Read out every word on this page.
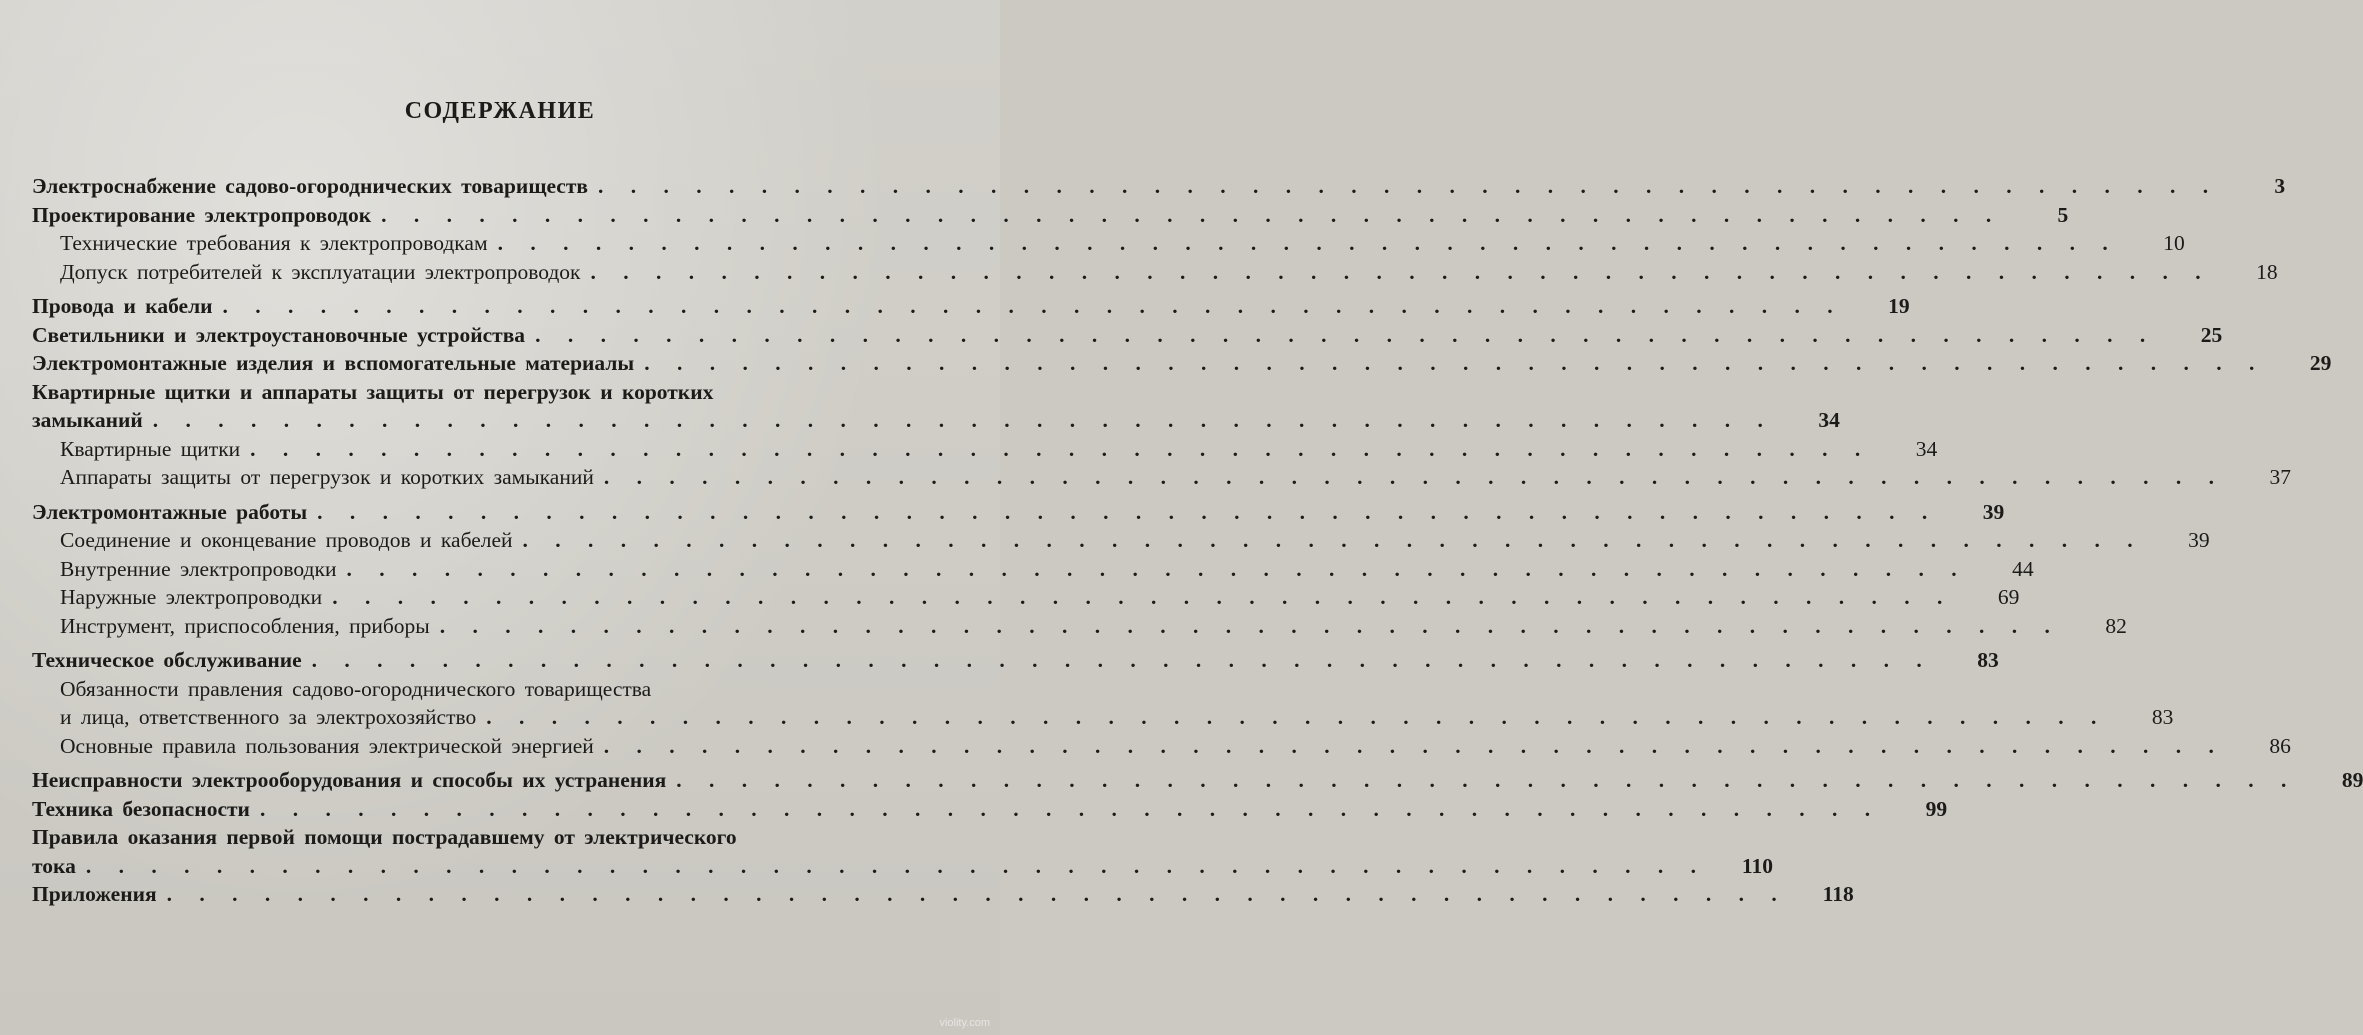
СОДЕРЖАНИЕ
Электроснабжение садово-огороднических товариществ . . . . . . . . . . . . . . . . . . . . . . . . . . . . . . . . . . . . . . . . . . . . . . . . . .	3
Проектирование электропроводок . . . . . . . . . . . . . . . . . . . . . . . . . . . . . . . . . . . . . . . . . . . . . . . . . .	5
Технические требования к электропроводкам . . . . . . . . . . . . . . . . . . . . . . . . . . . . . . . . . . . . . . . . . . . . . . . . . .	10
Допуск потребителей к эксплуатации электропроводок . . . . . . . . . . . . . . . . . . . . . . . . . . . . . . . . . . . . . . . . . . . . . . . . . .	18
Провода и кабели . . . . . . . . . . . . . . . . . . . . . . . . . . . . . . . . . . . . . . . . . . . . . . . . . .	19
Светильники и электроустановочные устройства . . . . . . . . . . . . . . . . . . . . . . . . . . . . . . . . . . . . . . . . . . . . . . . . . .	25
Электромонтажные изделия и вспомогательные материалы . . . . . . . . . . . . . . . . . . . . . . . . . . . . . . . . . . . . . . . . . . . . . . . . . .	29
Квартирные щитки и аппараты защиты от перегрузок и коротких
замыканий . . . . . . . . . . . . . . . . . . . . . . . . . . . . . . . . . . . . . . . . . . . . . . . . . .	34
Квартирные щитки . . . . . . . . . . . . . . . . . . . . . . . . . . . . . . . . . . . . . . . . . . . . . . . . . .	34
Аппараты защиты от перегрузок и коротких замыканий . . . . . . . . . . . . . . . . . . . . . . . . . . . . . . . . . . . . . . . . . . . . . . . . . .	37
Электромонтажные работы . . . . . . . . . . . . . . . . . . . . . . . . . . . . . . . . . . . . . . . . . . . . . . . . . .	39
Соединение и оконцевание проводов и кабелей . . . . . . . . . . . . . . . . . . . . . . . . . . . . . . . . . . . . . . . . . . . . . . . . . .	39
Внутренние электропроводки . . . . . . . . . . . . . . . . . . . . . . . . . . . . . . . . . . . . . . . . . . . . . . . . . .	44
Наружные электропроводки . . . . . . . . . . . . . . . . . . . . . . . . . . . . . . . . . . . . . . . . . . . . . . . . . .	69
Инструмент, приспособления, приборы . . . . . . . . . . . . . . . . . . . . . . . . . . . . . . . . . . . . . . . . . . . . . . . . . .	82
Техническое обслуживание . . . . . . . . . . . . . . . . . . . . . . . . . . . . . . . . . . . . . . . . . . . . . . . . . .	83
Обязанности правления садово-огороднического товарищества
и лица, ответственного за электрохозяйство . . . . . . . . . . . . . . . . . . . . . . . . . . . . . . . . . . . . . . . . . . . . . . . . . .	83
Основные правила пользования электрической энергией . . . . . . . . . . . . . . . . . . . . . . . . . . . . . . . . . . . . . . . . . . . . . . . . . .	86
Неисправности электрооборудования и способы их устранения . . . . . . . . . . . . . . . . . . . . . . . . . . . . . . . . . . . . . . . . . . . . . . . . . .	89
Техника безопасности . . . . . . . . . . . . . . . . . . . . . . . . . . . . . . . . . . . . . . . . . . . . . . . . . .	99
Правила оказания первой помощи пострадавшему от электрического
тока . . . . . . . . . . . . . . . . . . . . . . . . . . . . . . . . . . . . . . . . . . . . . . . . . .	110
Приложения . . . . . . . . . . . . . . . . . . . . . . . . . . . . . . . . . . . . . . . . . . . . . . . . . .	118
violity.com
